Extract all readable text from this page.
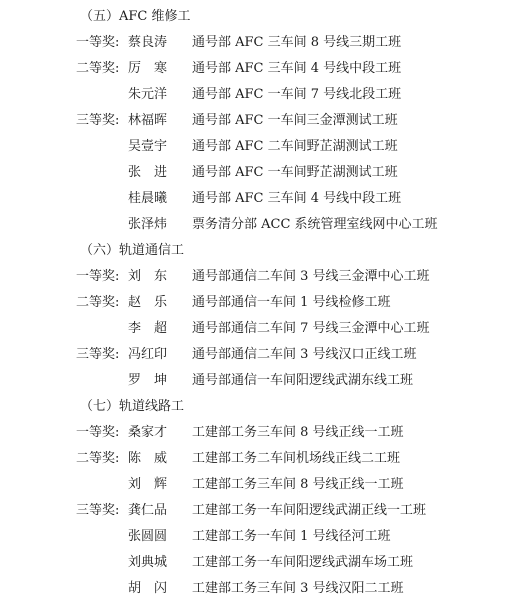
（五）AFC 维修工
一等奖: 蔡良涛	通号部 AFC 三车间 8 号线三期工班
二等奖: 厉　寒	通号部 AFC 三车间 4 号线中段工班
朱元洋	通号部 AFC 一车间 7 号线北段工班
三等奖: 林福晖	通号部 AFC 一车间三金潭测试工班
吴壹宇	通号部 AFC 二车间野芷湖测试工班
张　进	通号部 AFC 一车间野芷湖测试工班
桂晨曦	通号部 AFC 三车间 4 号线中段工班
张泽炜	票务清分部 ACC 系统管理室线网中心工班
（六）轨道通信工
一等奖: 刘　东	通号部通信二车间 3 号线三金潭中心工班
二等奖: 赵　乐	通号部通信一车间 1 号线检修工班
李　超	通号部通信二车间 7 号线三金潭中心工班
三等奖: 冯红印	通号部通信二车间 3 号线汉口正线工班
罗　坤	通号部通信一车间阳逻线武湖东线工班
（七）轨道线路工
一等奖: 桑家才	工建部工务三车间 8 号线正线一工班
二等奖: 陈　威	工建部工务二车间机场线正线二工班
刘　辉	工建部工务三车间 8 号线正线一工班
三等奖: 龚仁品	工建部工务一车间阳逻线武湖正线一工班
张圆圆	工建部工务一车间 1 号线径河工班
刘典城	工建部工务一车间阳逻线武湖车场工班
胡　闪	工建部工务三车间 3 号线汉阳二工班
